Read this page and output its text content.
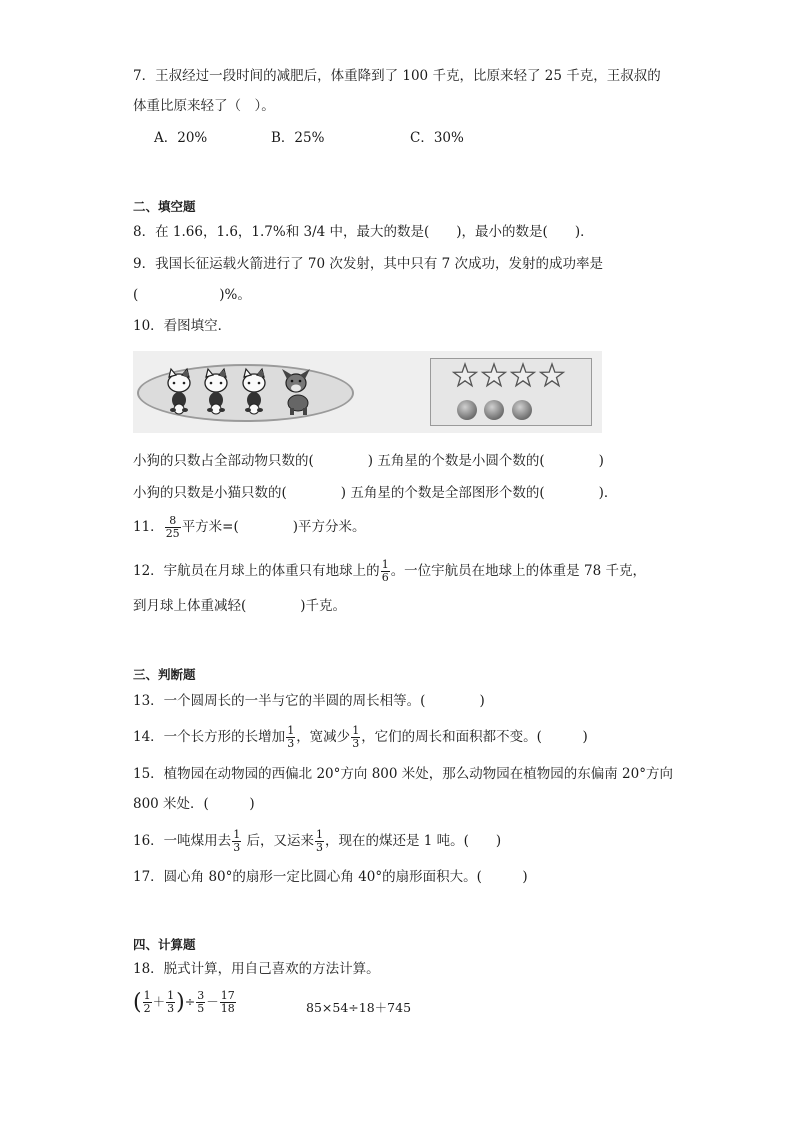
7．王叔经过一段时间的减肥后，体重降到了 100 千克，比原来轻了 25 千克，王叔叔的
体重比原来轻了（　）。
A．20%	B．25%	C．30%
二、填空题
8．在 1.66，1.6，1.7%和 3/4 中，最大的数是(　　)，最小的数是(　　)．
9．我国长征运载火箭进行了 70 次发射，其中只有 7 次成功，发射的成功率是
(　　　　　　)%。
10．看图填空．
小狗的只数占全部动物只数的(　　　　) 五角星的个数是小圆个数的(　　　　)
小狗的只数是小猫只数的(　　　　) 五角星的个数是全部图形个数的(　　　　)．
11． $\frac{8}{25}$ 平方米=(　　　　)平方分米。
12．宇航员在月球上的体重只有地球上的 $\frac{1}{6}$ 。一位宇航员在地球上的体重是 78 千克，
到月球上体重减轻(　　　　)千克。
三、判断题
13．一个圆周长的一半与它的半圆的周长相等。(　　　　)
14．一个长方形的长增加 $\frac{1}{3}$ ，宽减少 $\frac{1}{3}$ ，它们的周长和面积都不变。(　　　)
15．植物园在动物园的西偏北 20°方向 800 米处，那么动物园在植物园的东偏南 20°方向
800 米处．(　　　)
16．一吨煤用去 $\frac{1}{3}$ 后，又运来 $\frac{1}{3}$ ，现在的煤还是 1 吨。(　　)
17．圆心角 80°的扇形一定比圆心角 40°的扇形面积大。(　　　)
四、计算题
18．脱式计算，用自己喜欢的方法计算。
( $\frac{1}{2} + \frac{1}{3}$ )÷ $\frac{3}{5} - \frac{17}{18}$	85×54÷18＋745
